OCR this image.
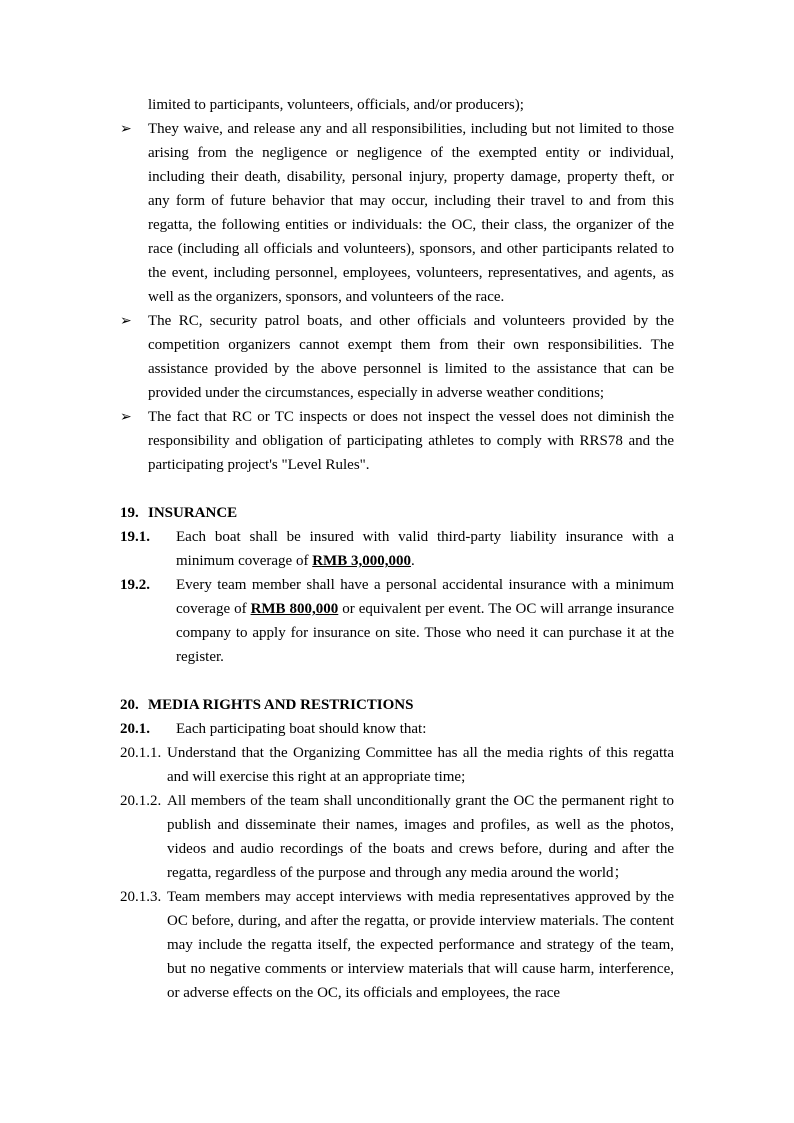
limited to participants, volunteers, officials, and/or producers);
➢	They waive, and release any and all responsibilities, including but not limited to those arising from the negligence or negligence of the exempted entity or individual, including their death, disability, personal injury, property damage, property theft, or any form of future behavior that may occur, including their travel to and from this regatta, the following entities or individuals: the OC, their class, the organizer of the race (including all officials and volunteers), sponsors, and other participants related to the event, including personnel, employees, volunteers, representatives, and agents, as well as the organizers, sponsors, and volunteers of the race.
➢	The RC, security patrol boats, and other officials and volunteers provided by the competition organizers cannot exempt them from their own responsibilities. The assistance provided by the above personnel is limited to the assistance that can be provided under the circumstances, especially in adverse weather conditions;
➢	The fact that RC or TC inspects or does not inspect the vessel does not diminish the responsibility and obligation of participating athletes to comply with RRS78 and the participating project's "Level Rules".
19. INSURANCE
19.1. Each boat shall be insured with valid third-party liability insurance with a minimum coverage of RMB 3,000,000.
19.2. Every team member shall have a personal accidental insurance with a minimum coverage of RMB 800,000 or equivalent per event. The OC will arrange insurance company to apply for insurance on site. Those who need it can purchase it at the register.
20. MEDIA RIGHTS AND RESTRICTIONS
20.1. Each participating boat should know that:
20.1.1. Understand that the Organizing Committee has all the media rights of this regatta and will exercise this right at an appropriate time;
20.1.2. All members of the team shall unconditionally grant the OC the permanent right to publish and disseminate their names, images and profiles, as well as the photos, videos and audio recordings of the boats and crews before, during and after the regatta, regardless of the purpose and through any media around the world；
20.1.3. Team members may accept interviews with media representatives approved by the OC before, during, and after the regatta, or provide interview materials. The content may include the regatta itself, the expected performance and strategy of the team, but no negative comments or interview materials that will cause harm, interference, or adverse effects on the OC, its officials and employees, the race
